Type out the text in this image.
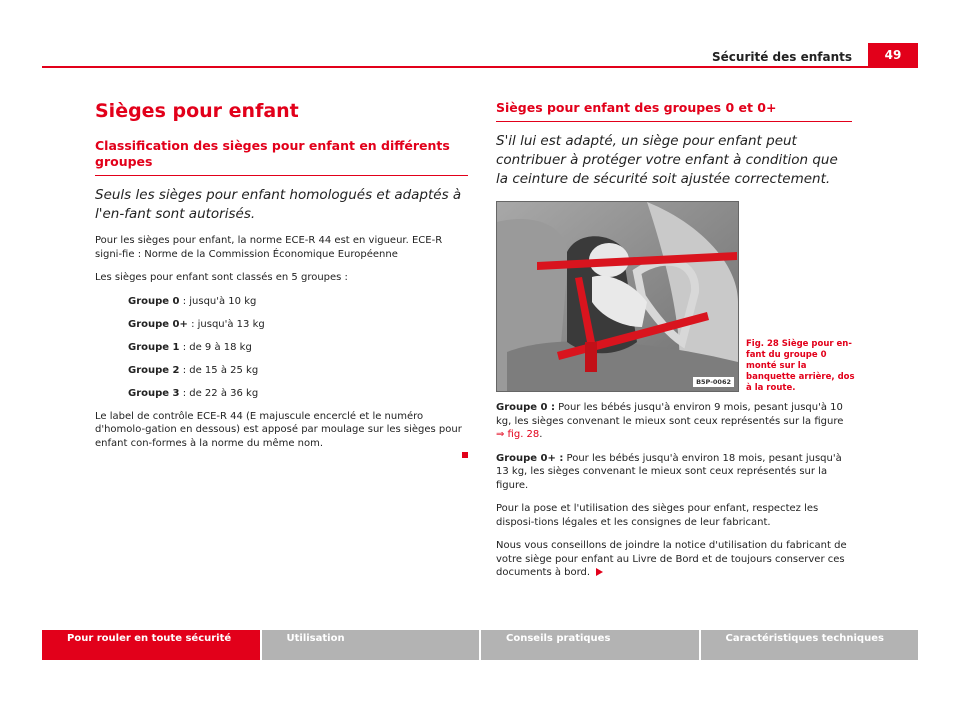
Sécurité des enfants	49
Sièges pour enfant
Classification des sièges pour enfant en différents groupes

Seuls les sièges pour enfant homologués et adaptés à l'en-fant sont autorisés.

Pour les sièges pour enfant, la norme ECE-R 44 est en vigueur. ECE-R signi-fie : Norme de la Commission Économique Européenne

Les sièges pour enfant sont classés en 5 groupes :

Groupe 0 : jusqu'à 10 kg

Groupe 0+ : jusqu'à 13 kg

Groupe 1 : de 9 à 18 kg

Groupe 2 : de 15 à 25 kg

Groupe 3 : de 22 à 36 kg

Le label de contrôle ECE-R 44 (E majuscule encerclé et le numéro d'homolo-gation en dessous) est apposé par moulage sur les sièges pour enfant con-formes à la norme du même nom.

Sièges pour enfant des groupes 0 et 0+

S'il lui est adapté, un siège pour enfant peut contribuer à protéger votre enfant à condition que la ceinture de sécurité soit ajustée correctement.

B5P-0062
Fig. 28 Siège pour en-fant du groupe 0 monté sur la banquette arrière, dos à la route.

Groupe 0 : Pour les bébés jusqu'à environ 9 mois, pesant jusqu'à 10 kg, les sièges convenant le mieux sont ceux représentés sur la figure ⇒ fig. 28.

Groupe 0+ : Pour les bébés jusqu'à environ 18 mois, pesant jusqu'à 13 kg, les sièges convenant le mieux sont ceux représentés sur la figure.

Pour la pose et l'utilisation des sièges pour enfant, respectez les disposi-tions légales et les consignes de leur fabricant.

Nous vous conseillons de joindre la notice d'utilisation du fabricant de votre siège pour enfant au Livre de Bord et de toujours conserver ces documents à bord.

Pour rouler en toute sécurité	Utilisation	Conseils pratiques	Caractéristiques techniques
